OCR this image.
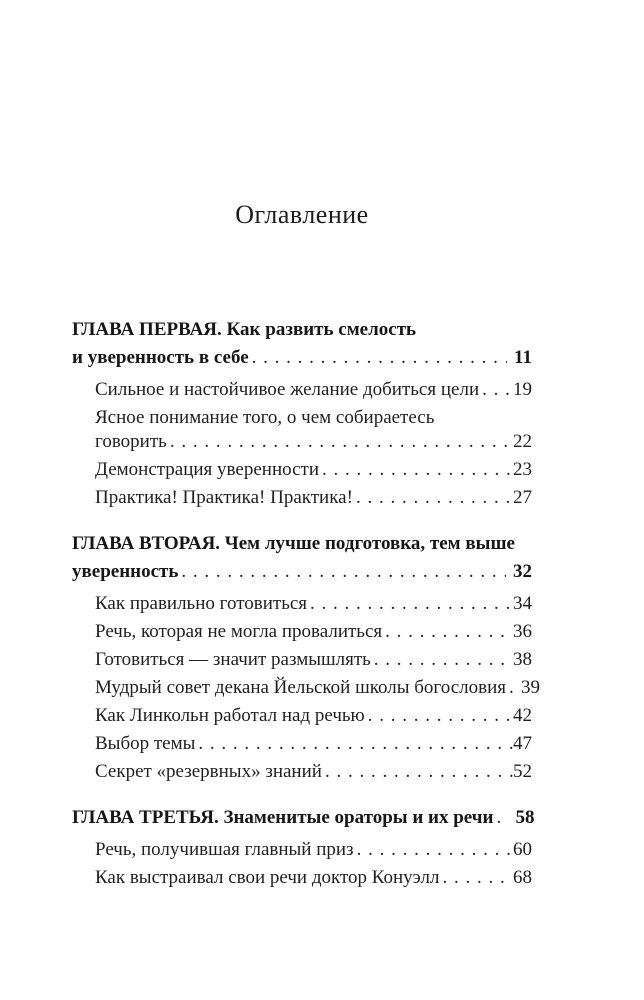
Оглавление
ГЛАВА ПЕРВАЯ. Как развить смелость
и уверенность в себе . . .	11
Сильное и настойчивое желание добиться цели . . . 19
Ясное понимание того, о чем собираетесь
говорить . . .	22
Демонстрация уверенности . . .	23
Практика! Практика! Практика! . . .	27
ГЛАВА ВТОРАЯ. Чем лучше подготовка, тем выше
уверенность . . .	32
Как правильно готовиться . . .	34
Речь, которая не могла провалиться . . .	36
Готовиться — значит размышлять . . .	38
Мудрый совет декана Йельской школы богословия . . . 39
Как Линкольн работал над речью . . .	42
Выбор темы . . .	47
Секрет «резервных» знаний . . .	52
ГЛАВА ТРЕТЬЯ. Знаменитые ораторы и их речи . . . 58
Речь, получившая главный приз . . .	60
Как выстраивал свои речи доктор Конуэлл . . .	68
